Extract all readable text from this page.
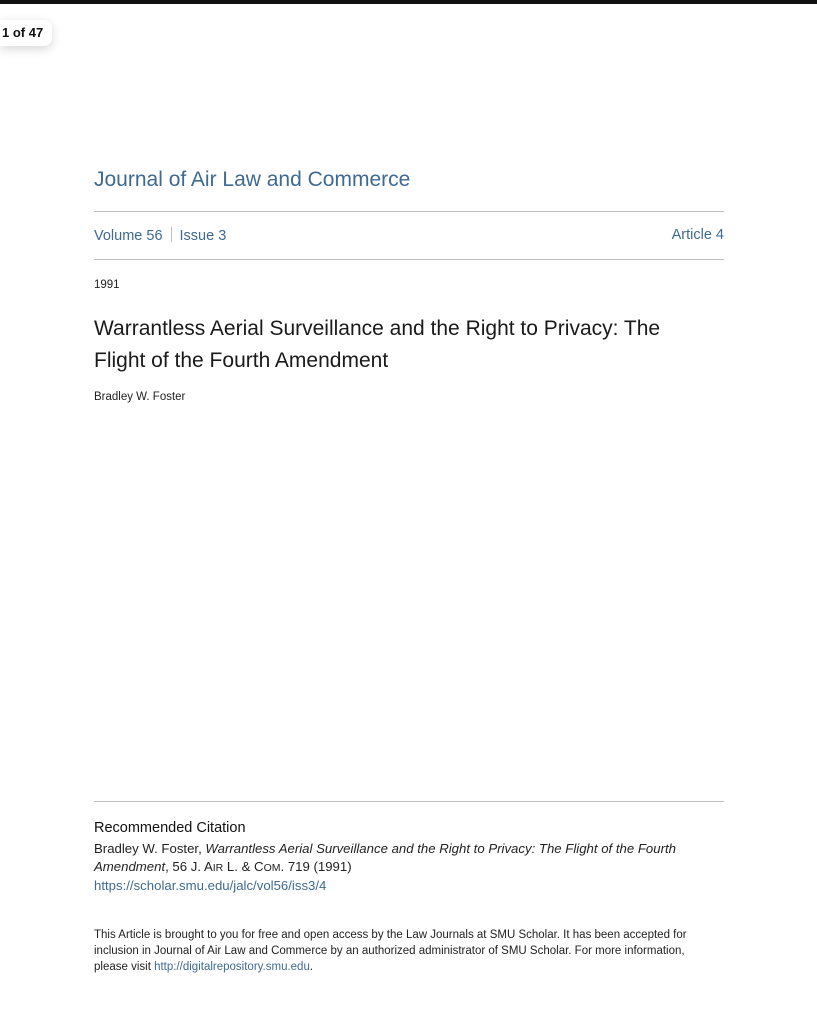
1 of 47
Journal of Air Law and Commerce
Volume 56 Issue 3	Article 4
1991
Warrantless Aerial Surveillance and the Right to Privacy: The
Flight of the Fourth Amendment
Bradley W. Foster
Recommended Citation
Bradley W. Foster, Warrantless Aerial Surveillance and the Right to Privacy: The Flight of the Fourth
Amendment, 56 J. AIR L. & COM. 719 (1991)
https://scholar.smu.edu/jalc/vol56/iss3/4
This Article is brought to you for free and open access by the Law Journals at SMU Scholar. It has been accepted for inclusion in Journal of Air Law and Commerce by an authorized administrator of SMU Scholar. For more information, please visit http://digitalrepository.smu.edu.
